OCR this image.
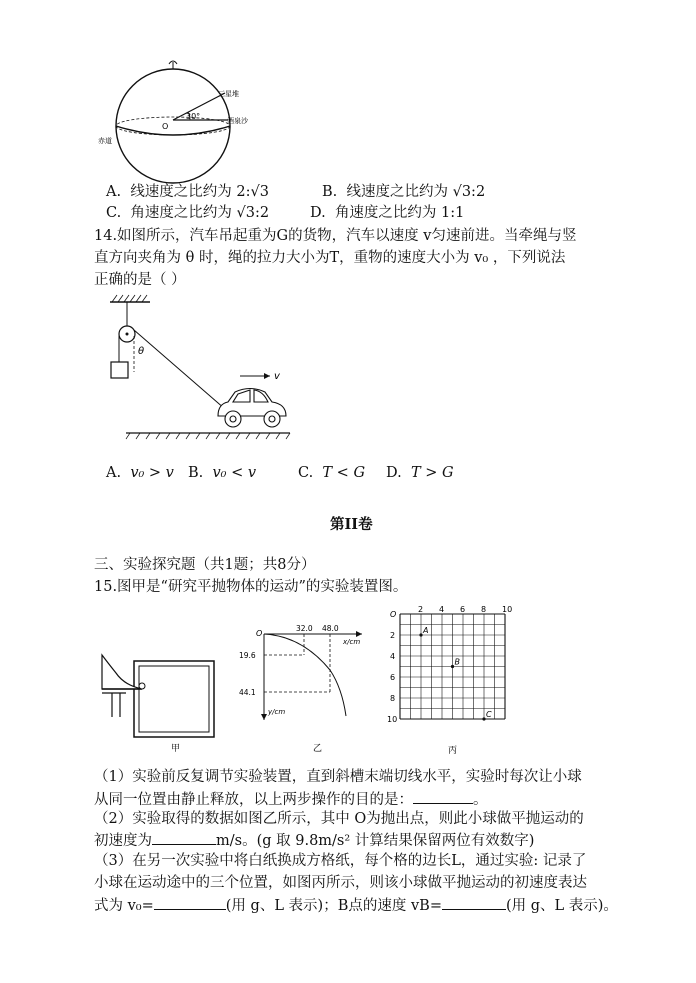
O
30°
三星堆
酒泉沙
赤道
A. 线速度之比约为 2:√3	B. 线速度之比约为 √3:2
C. 角速度之比约为 √3:2	D. 角速度之比约为 1:1
14.如图所示，汽车吊起重为G的货物，汽车以速度 v匀速前进。当牵绳与竖
直方向夹角为 θ 时，绳的拉力大小为T，重物的速度大小为 v₀ ，下列说法
正确的是（ ）
θ
v
A. v₀ > v B. v₀ < v	C. T < G D. T > G
第II卷
三、实验探究题（共1题；共8分）
15.图甲是“研究平抛物体的运动”的实验装置图。
甲
O
32.0 48.0
x/cm
19.6
44.1
y/cm
乙
O
2 4 6 8 10
2
4
6
8
10
A
B
C
丙
（1）实验前反复调节实验装置，直到斜槽末端切线水平，实验时每次让小球
从同一位置由静止释放，以上两步操作的目的是：	。
（2）实验取得的数据如图乙所示，其中 O为抛出点，则此小球做平抛运动的
初速度为	m/s。(g 取 9.8m/s² 计算结果保留两位有效数字)
（3）在另一次实验中将白纸换成方格纸，每个格的边长L，通过实验: 记录了
小球在运动途中的三个位置，如图丙所示，则该小球做平抛运动的初速度表达
式为 v₀=	(用 g、L 表示)；B点的速度 vB=	(用 g、L 表示)。
